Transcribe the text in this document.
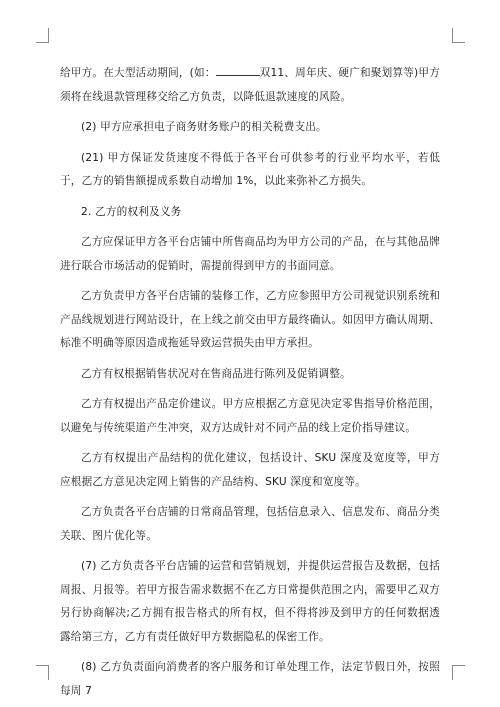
给甲方。在大型活动期间，(如：	双11、周年庆、硬广和聚划算等)甲方须将在线退款管理移交给乙方负责，以降低退款速度的风险。

(2) 甲方应承担电子商务财务账户的相关税费支出。

(21) 甲方保证发货速度不得低于各平台可供参考的行业平均水平，若低于，乙方的销售额提成系数自动增加 1%，以此来弥补乙方损失。

2. 乙方的权利及义务

乙方应保证甲方各平台店铺中所售商品均为甲方公司的产品，在与其他品牌进行联合市场活动的促销时，需提前得到甲方的书面同意。

乙方负责甲方各平台店铺的装修工作，乙方应参照甲方公司视觉识别系统和产品线规划进行网站设计，在上线之前交由甲方最终确认。如因甲方确认周期、标准不明确等原因造成拖延导致运营损失由甲方承担。

乙方有权根据销售状况对在售商品进行陈列及促销调整。

乙方有权提出产品定价建议。甲方应根据乙方意见决定零售指导价格范围，以避免与传统渠道产生冲突，双方达成针对不同产品的线上定价指导建议。

乙方有权提出产品结构的优化建议，包括设计、SKU 深度及宽度等，甲方应根据乙方意见决定网上销售的产品结构、SKU 深度和宽度等。

乙方负责各平台店铺的日常商品管理，包括信息录入、信息发布、商品分类关联、图片优化等。

(7) 乙方负责各平台店铺的运营和营销规划，并提供运营报告及数据，包括周报、月报等。若甲方报告需求数据不在乙方日常提供范围之内，需要甲乙双方另行协商解决;乙方拥有报告格式的所有权，但不得将涉及到甲方的任何数据透露给第三方，乙方有责任做好甲方数据隐私的保密工作。

(8) 乙方负责面向消费者的客户服务和订单处理工作，法定节假日外，按照每周 7
